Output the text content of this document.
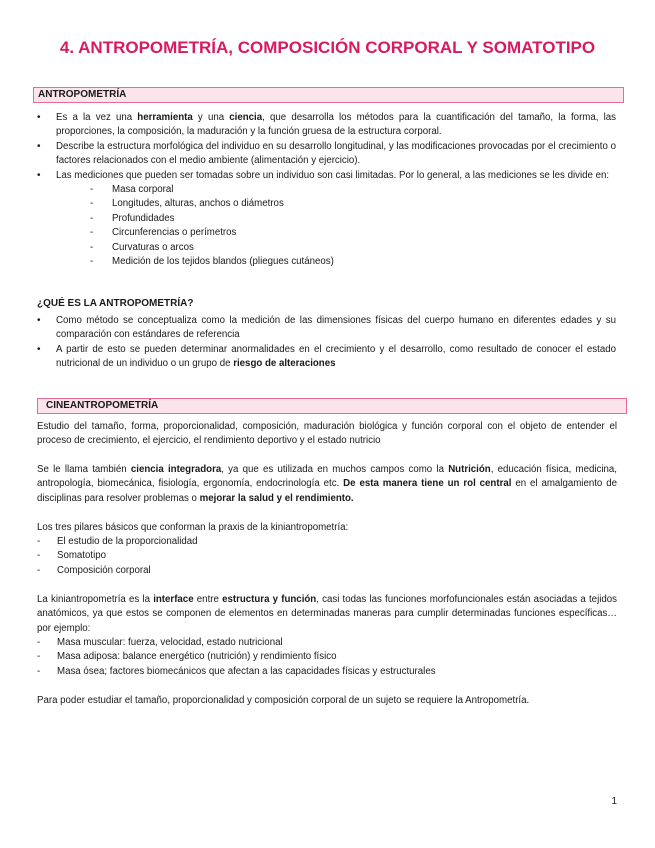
4. ANTROPOMETRÍA, COMPOSICIÓN CORPORAL Y SOMATOTIPO
ANTROPOMETRÍA
• Es a la vez una herramienta y una ciencia, que desarrolla los métodos para la cuantificación del tamaño, la forma, las proporciones, la composición, la maduración y la función gruesa de la estructura corporal.
• Describe la estructura morfológica del individuo en su desarrollo longitudinal, y las modificaciones provocadas por el crecimiento o factores relacionados con el medio ambiente (alimentación y ejercicio).
• Las mediciones que pueden ser tomadas sobre un individuo son casi limitadas. Por lo general, a las mediciones se les divide en:
- Masa corporal
- Longitudes, alturas, anchos o diámetros
- Profundidades
- Circunferencias o perímetros
- Curvaturas o arcos
- Medición de los tejidos blandos (pliegues cutáneos)
¿QUÉ ES LA ANTROPOMETRÍA?
• Como método se conceptualiza como la medición de las dimensiones físicas del cuerpo humano en diferentes edades y su comparación con estándares de referencia
• A partir de esto se pueden determinar anormalidades en el crecimiento y el desarrollo, como resultado de conocer el estado nutricional de un individuo o un grupo de riesgo de alteraciones
CINEANTROPOMETRÍA

Estudio del tamaño, forma, proporcionalidad, composición, maduración biológica y función corporal con el objeto de entender el proceso de crecimiento, el ejercicio, el rendimiento deportivo y el estado nutricio

Se le llama también ciencia integradora, ya que es utilizada en muchos campos como la Nutrición, educación física, medicina, antropología, biomecánica, fisiología, ergonomía, endocrinología etc. De esta manera tiene un rol central en el amalgamiento de disciplinas para resolver problemas o mejorar la salud y el rendimiento.

Los tres pilares básicos que conforman la praxis de la kiniantropometría:

- El estudio de la proporcionalidad
- Somatotipo
- Composición corporal

La kiniantropometría es la interface entre estructura y función, casi todas las funciones morfofuncionales están asociadas a tejidos anatómicos, ya que estos se componen de elementos en determinadas maneras para cumplir determinadas funciones específicas… por ejemplo:

- Masa muscular: fuerza, velocidad, estado nutricional
- Masa adiposa: balance energético (nutrición) y rendimiento físico
- Masa ósea; factores biomecánicos que afectan a las capacidades físicas y estructurales

Para poder estudiar el tamaño, proporcionalidad y composición corporal de un sujeto se requiere la Antropometría.

1
